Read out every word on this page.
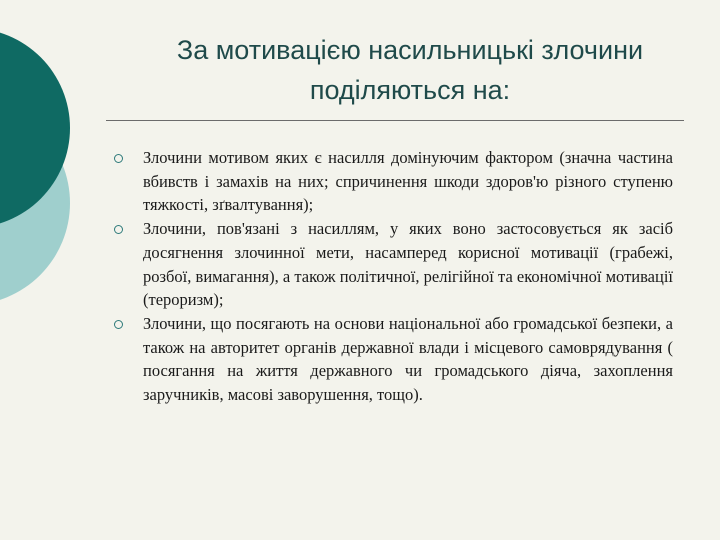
За мотивацією насильницькі злочини поділяються на:
Злочини мотивом яких є насилля домінуючим фактором (значна частина вбивств і замахів на них; спричинення шкоди здоров'ю різного ступеню тяжкості, зґвалтування);
Злочини, пов'язані з насиллям, у яких воно застосовується як засіб досягнення злочинної мети, насамперед корисної мотивації (грабежі, розбої, вимагання), а також політичної, релігійної та економічної мотивації (тероризм);
Злочини, що посягають на основи національної або громадської безпеки, а також на авторитет органів державної влади і місцевого самоврядування ( посягання на життя державного чи громадського діяча, захоплення заручників, масові заворушення, тощо).
